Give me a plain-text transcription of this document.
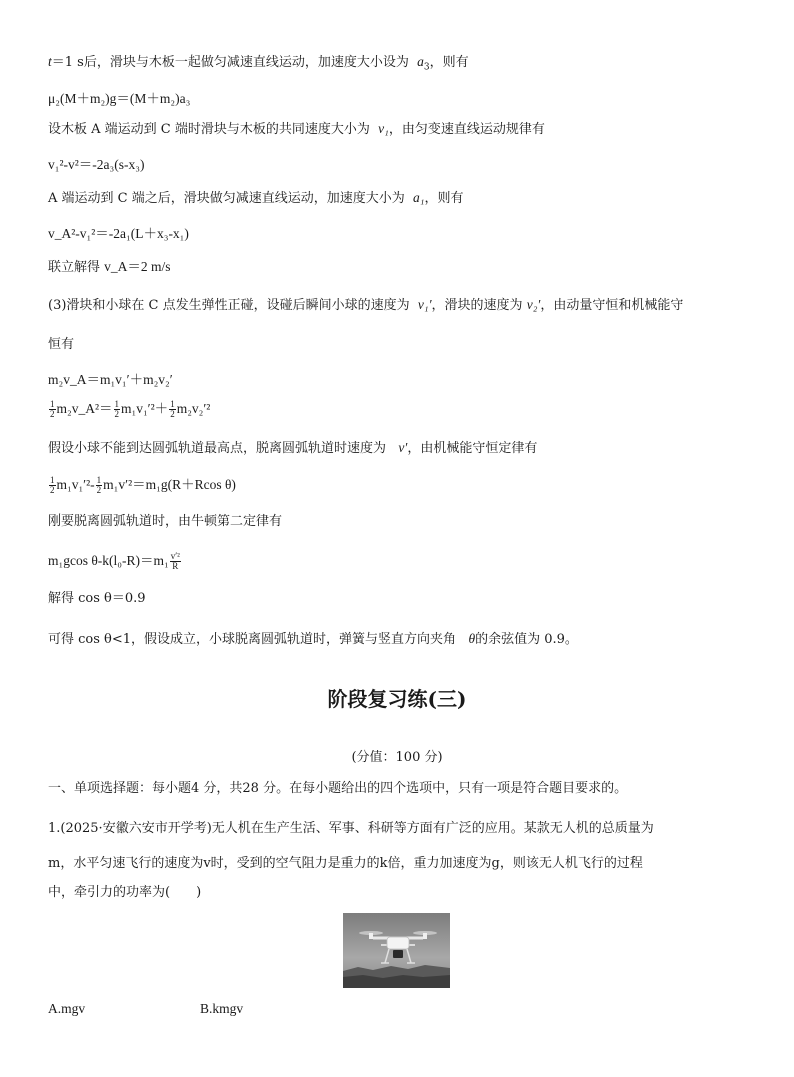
t＝1 s后，滑块与木板一起做匀减速直线运动，加速度大小设为 $a_3$，则有
μ₂(M＋m₂)g＝(M＋m₂)a₃
设木板 A 端运动到 C 端时滑块与木板的共同速度大小为 v₁，由匀变速直线运动规律有
v₁²-v²＝-2a₃(s-x₃)
A 端运动到 C 端之后，滑块做匀减速直线运动，加速度大小为 a₁，则有
v_A²-v₁²＝-2a₁(L＋x₃-x₁)
联立解得 v_A＝2 m/s
(3)滑块和小球在 C 点发生弹性正碰，设碰后瞬间小球的速度为 v₁′，滑块的速度为 v₂′，由动量守恒和机械能守
恒有
m₂v_A＝m₁v₁′＋m₂v₂′
$\frac{1}{2}$ m₂v_A²＝ $\frac{1}{2} m_1v_1'^2+ \frac{1}{2} m_2v_2'^2$
假设小球不能到达圆弧轨道最高点，脱离圆弧轨道时速度为 v′，由机械能守恒定律有
$\frac{1}{2} m_1v_1'^2- \frac{1}{2} m_1v'^2=m_1g(R+Rcos$ θ)
刚要脱离圆弧轨道时，由牛顿第二定律有
m₁gcos $\theta-k(l_0-R)=m_1 \frac{\text{v′²}}{R}$
解得 cos θ＝0.9
可得 cos θ<1，假设成立，小球脱离圆弧轨道时，弹簧与竖直方向夹角 θ的余弦值为 0.9。
阶段复习练(三)
(分值：100 分)
一、单项选择题：每小题4 分，共28 分。在每小题给出的四个选项中，只有一项是符合题目要求的。
1.(2025·安徽六安市开学考)无人机在生产生活、军事、科研等方面有广泛的应用。某款无人机的总质量为
m，水平匀速飞行的速度为v时，受到的空气阻力是重力的k倍，重力加速度为g，则该无人机飞行的过程
中，牵引力的功率为(　　)
A.mgv	B.kmgv
